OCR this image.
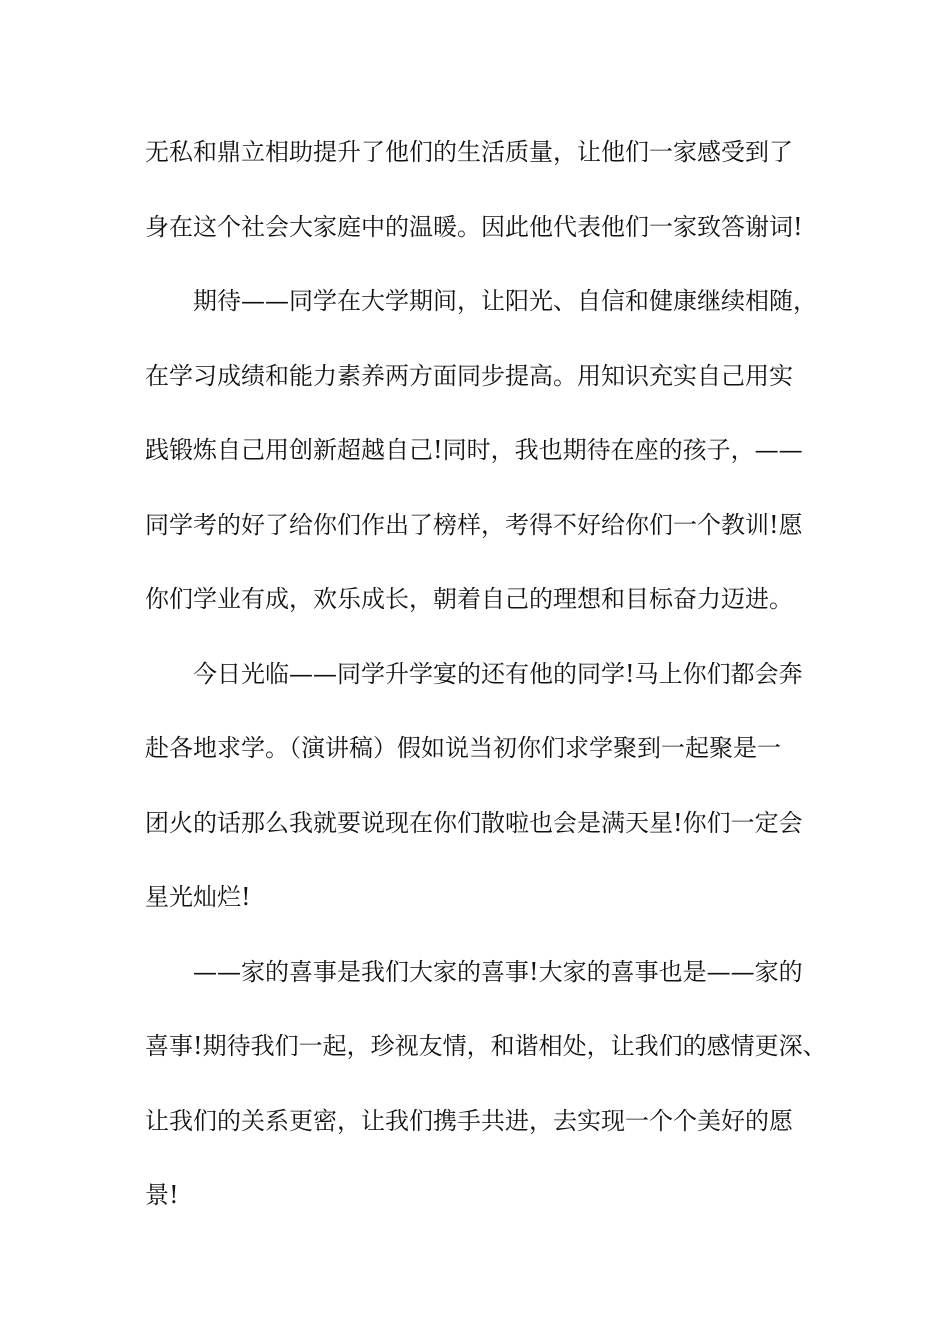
无私和鼎立相助提升了他们的生活质量，让他们一家感受到了
身在这个社会大家庭中的温暖。因此他代表他们一家致答谢词!
期待——同学在大学期间，让阳光、自信和健康继续相随，
在学习成绩和能力素养两方面同步提高。用知识充实自己用实
践锻炼自己用创新超越自己!同时，我也期待在座的孩子，——
同学考的好了给你们作出了榜样，考得不好给你们一个教训!愿
你们学业有成，欢乐成长，朝着自己的理想和目标奋力迈进。
今日光临——同学升学宴的还有他的同学!马上你们都会奔
赴各地求学。（演讲稿）假如说当初你们求学聚到一起聚是一
团火的话那么我就要说现在你们散啦也会是满天星!你们一定会
星光灿烂!
——家的喜事是我们大家的喜事!大家的喜事也是——家的
喜事!期待我们一起，珍视友情，和谐相处，让我们的感情更深、
让我们的关系更密，让我们携手共进，去实现一个个美好的愿
景!
